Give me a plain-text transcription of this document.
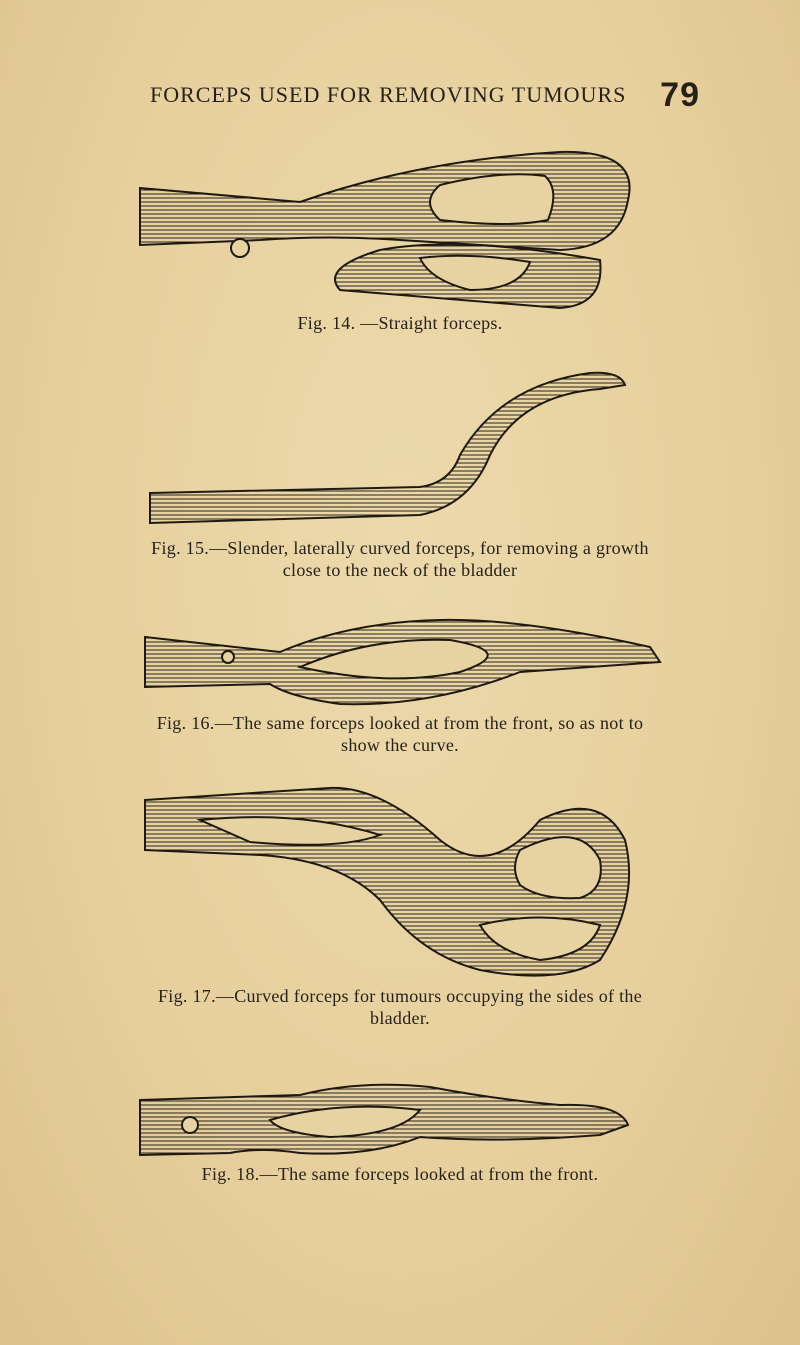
FORCEPS USED FOR REMOVING TUMOURS 79
Fig. 14. —Straight forceps.
Fig. 15.—Slender, laterally curved forceps, for removing a growth
close to the neck of the bladder
Fig. 16.—The same forceps looked at from the front, so as not to
show the curve.
Fig. 17.—Curved forceps for tumours occupying the sides of the
bladder.
Fig. 18.—The same forceps looked at from the front.
